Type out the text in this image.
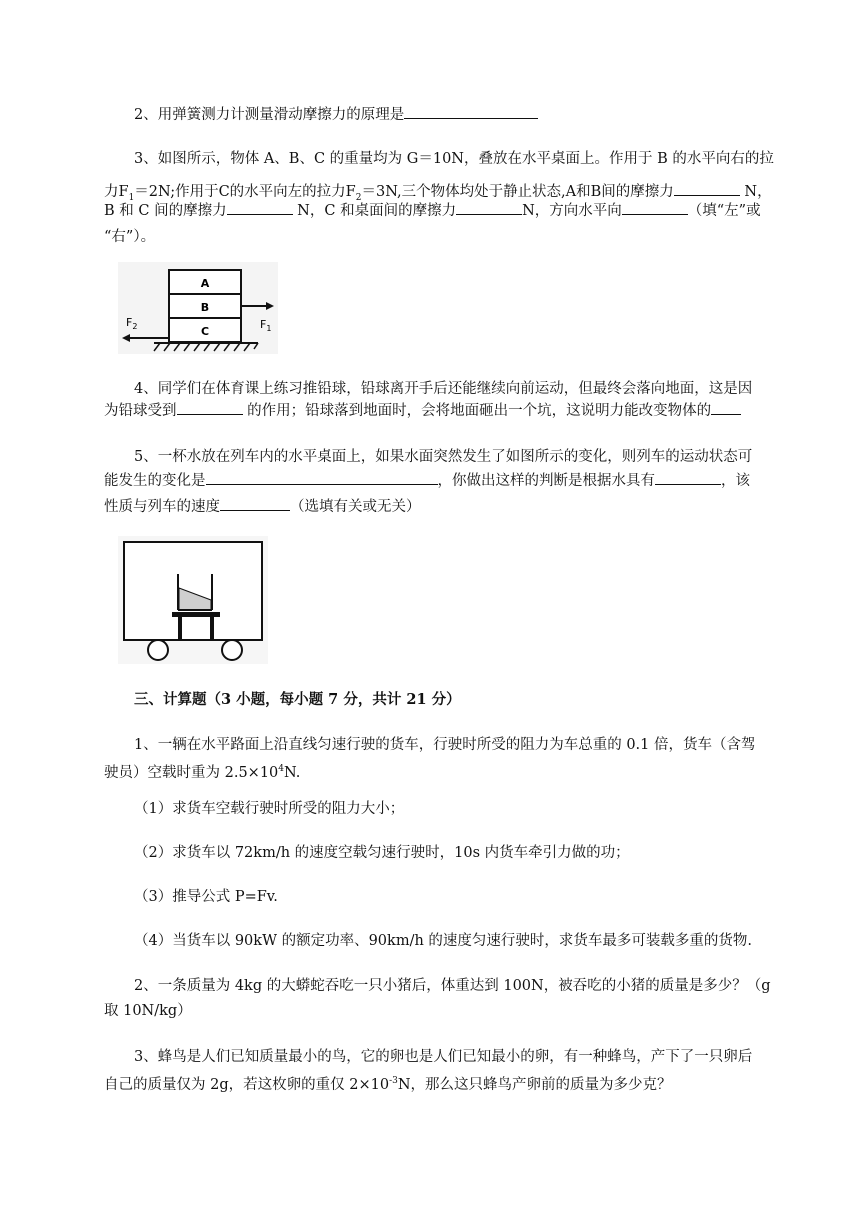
2、用弹簧测力计测量滑动摩擦力的原理是
3、如图所示，物体 A、B、C 的重量均为 G＝10N，叠放在水平桌面上。作用于 B 的水平向右的拉
力$F_1=2N$;作用于C的水平向左的拉力$F_2=3N$,三个物体均处于静止状态,A和B间的摩擦力	N，
B 和 C 间的摩擦力	N，C 和桌面间的摩擦力	N，方向水平向	（填“左”或
“右”）。
A
B
C
$F_1$
$F_2$
4、同学们在体育课上练习推铅球，铅球离开手后还能继续向前运动，但最终会落向地面，这是因
为铅球受到	的作用；铅球落到地面时，会将地面砸出一个坑，这说明力能改变物体的
5、一杯水放在列车内的水平桌面上，如果水面突然发生了如图所示的变化，则列车的运动状态可
能发生的变化是	，你做出这样的判断是根据水具有	，该
性质与列车的速度	（选填有关或无关）
三、计算题（3 小题，每小题 7 分，共计 21 分）
1、一辆在水平路面上沿直线匀速行驶的货车，行驶时所受的阻力为车总重的 0.1 倍，货车（含驾
驶员）空载时重为 $2.5\times 10^4N$.
（1）求货车空载行驶时所受的阻力大小；
（2）求货车以 72km/h 的速度空载匀速行驶时，10s 内货车牵引力做的功；
（3）推导公式 P=Fv.
（4）当货车以 90kW 的额定功率、90km/h 的速度匀速行驶时，求货车最多可装载多重的货物.
2、一条质量为 4kg 的大蟒蛇吞吃一只小猪后，体重达到 100N，被吞吃的小猪的质量是多少？（g
取 10N/kg）
3、蜂鸟是人们已知质量最小的鸟，它的卵也是人们已知最小的卵，有一种蜂鸟，产下了一只卵后
自己的质量仅为 2g，若这枚卵的重仅 $2\times 10^{-3}N$，那么这只蜂鸟产卵前的质量为多少克？
